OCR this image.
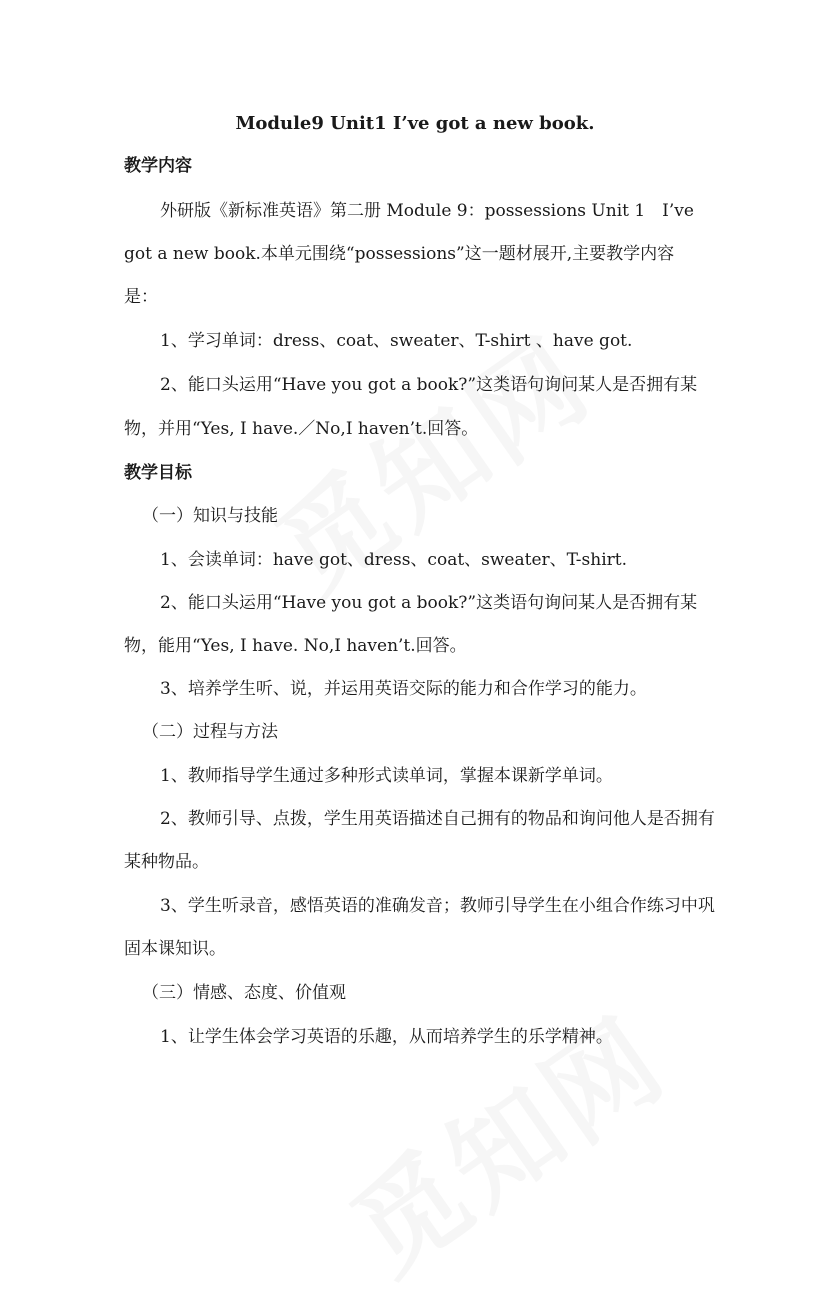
Module9 Unit1 I’ve got a new book.
教学内容
外研版《新标准英语》第二册 Module 9：possessions Unit 1　I’ve
got a new book.本单元围绕“possessions”这一题材展开,主要教学内容
是：
1、学习单词：dress、coat、sweater、T-shirt 、have got.
2、能口头运用“Have you got a book?”这类语句询问某人是否拥有某
物，并用“Yes, I have.／No,I haven’t.回答。
教学目标
（一）知识与技能
1、会读单词：have got、dress、coat、sweater、T-shirt.
2、能口头运用“Have you got a book?”这类语句询问某人是否拥有某
物，能用“Yes, I have. No,I haven’t.回答。
3、培养学生听、说，并运用英语交际的能力和合作学习的能力。
（二）过程与方法
1、教师指导学生通过多种形式读单词，掌握本课新学单词。
2、教师引导、点拨，学生用英语描述自己拥有的物品和询问他人是否拥有
某种物品。
3、学生听录音，感悟英语的准确发音；教师引导学生在小组合作练习中巩
固本课知识。
（三）情感、态度、价值观
1、让学生体会学习英语的乐趣，从而培养学生的乐学精神。
